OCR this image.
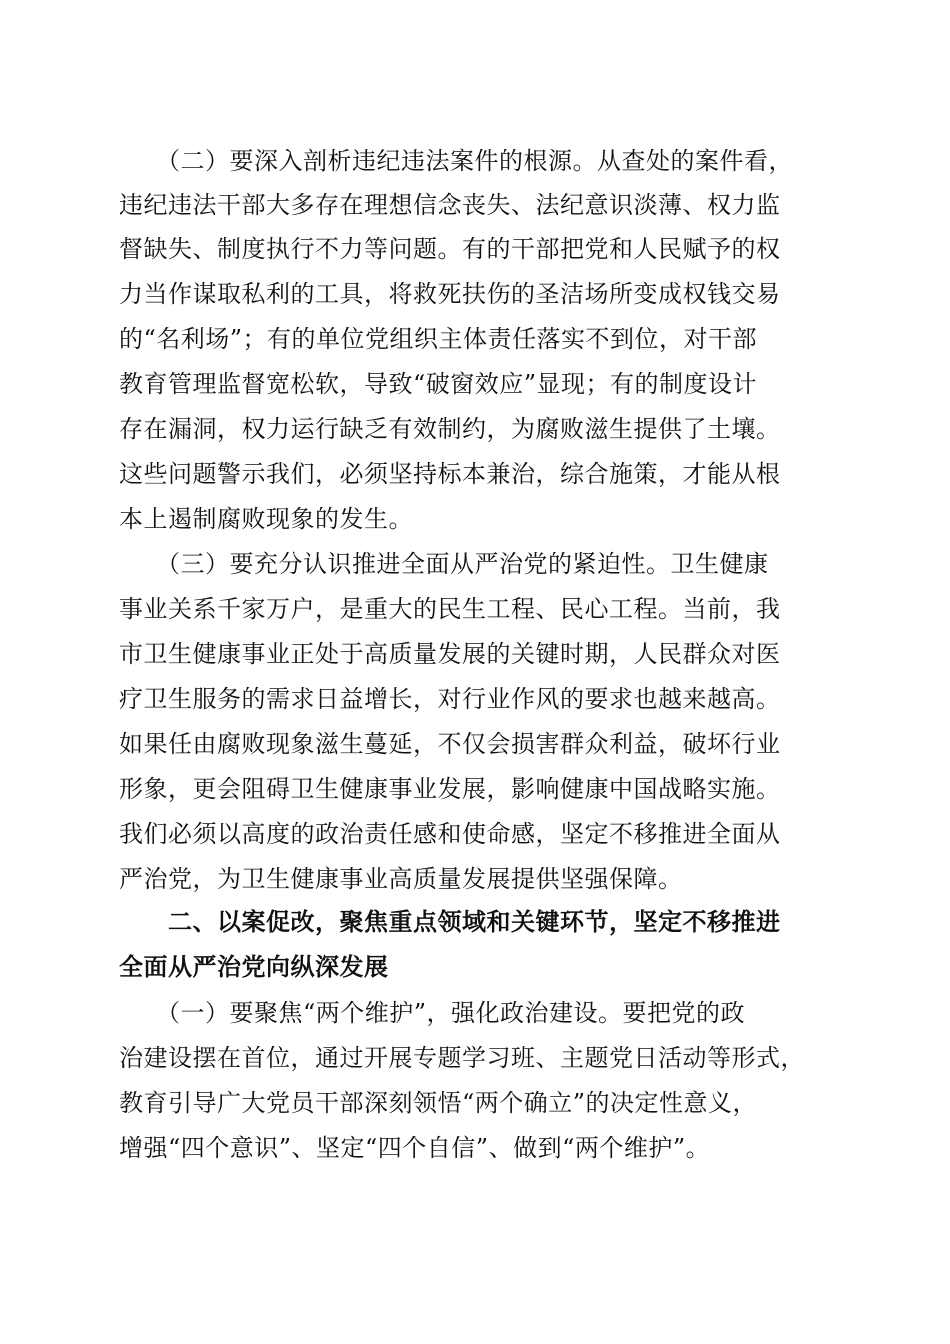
　　（二）要深入剖析违纪违法案件的根源。从查处的案件看，
违纪违法干部大多存在理想信念丧失、法纪意识淡薄、权力监
督缺失、制度执行不力等问题。有的干部把党和人民赋予的权
力当作谋取私利的工具，将救死扶伤的圣洁场所变成权钱交易
的“名利场”；有的单位党组织主体责任落实不到位，对干部
教育管理监督宽松软，导致“破窗效应”显现；有的制度设计
存在漏洞，权力运行缺乏有效制约，为腐败滋生提供了土壤。
这些问题警示我们，必须坚持标本兼治，综合施策，才能从根
本上遏制腐败现象的发生。
　　（三）要充分认识推进全面从严治党的紧迫性。卫生健康
事业关系千家万户，是重大的民生工程、民心工程。当前，我
市卫生健康事业正处于高质量发展的关键时期，人民群众对医
疗卫生服务的需求日益增长，对行业作风的要求也越来越高。
如果任由腐败现象滋生蔓延，不仅会损害群众利益，破坏行业
形象，更会阻碍卫生健康事业发展，影响健康中国战略实施。
我们必须以高度的政治责任感和使命感，坚定不移推进全面从
严治党，为卫生健康事业高质量发展提供坚强保障。
　　二、以案促改，聚焦重点领域和关键环节，坚定不移推进
全面从严治党向纵深发展
　　（一）要聚焦“两个维护”，强化政治建设。要把党的政
治建设摆在首位，通过开展专题学习班、主题党日活动等形式，
教育引导广大党员干部深刻领悟“两个确立”的决定性意义，
增强“四个意识”、坚定“四个自信”、做到“两个维护”。
